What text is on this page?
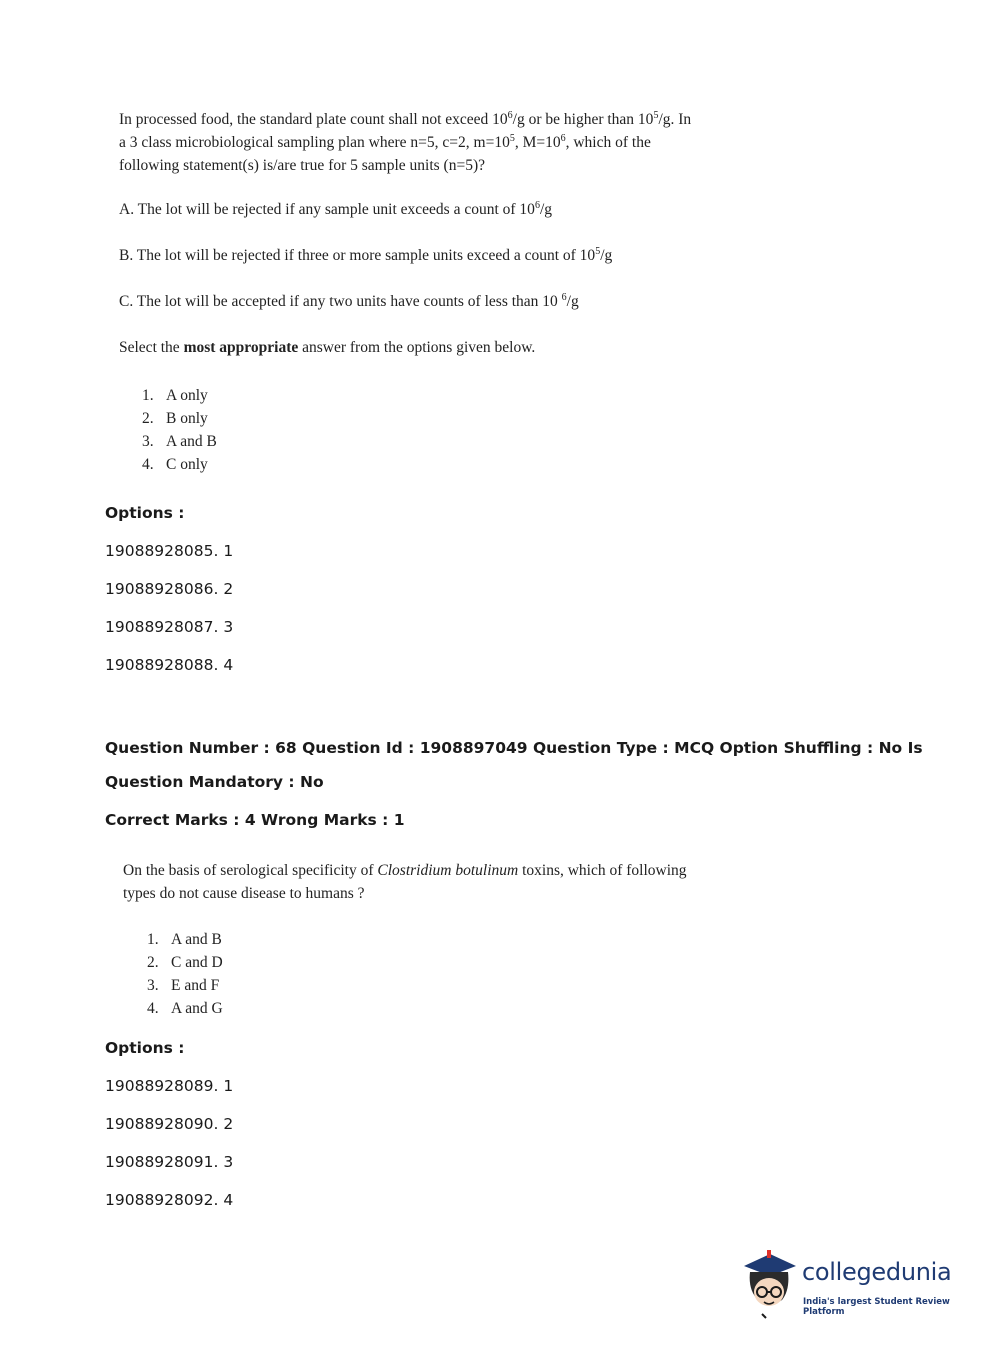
In processed food, the standard plate count shall not exceed $10^6/g$ or be higher than $10^5/g$. In
a 3 class microbiological sampling plan where n=5, c=2, $m=10^5$, $M=10^6$, which of the
following statement(s) is/are true for 5 sample units (n=5)?
A. The lot will be rejected if any sample unit exceeds a count of $10^6/g$
B. The lot will be rejected if three or more sample units exceed a count of $10^5/g$
C. The lot will be accepted if any two units have counts of less than 10 $^6$/g
Select the most appropriate answer from the options given below.
1. A only
2. B only
3. A and B
4. C only
Options :
19088928085. 1
19088928086. 2
19088928087. 3
19088928088. 4
Question Number : 68 Question Id : 1908897049 Question Type : MCQ Option Shuffling : No Is
Question Mandatory : No
Correct Marks : 4 Wrong Marks : 1
On the basis of serological specificity of Clostridium botulinum toxins, which of following
types do not cause disease to humans ?
1. A and B
2. C and D
3. E and F
4. A and G
Options :
19088928089. 1
19088928090. 2
19088928091. 3
19088928092. 4
collegedunia
India's largest Student Review Platform
